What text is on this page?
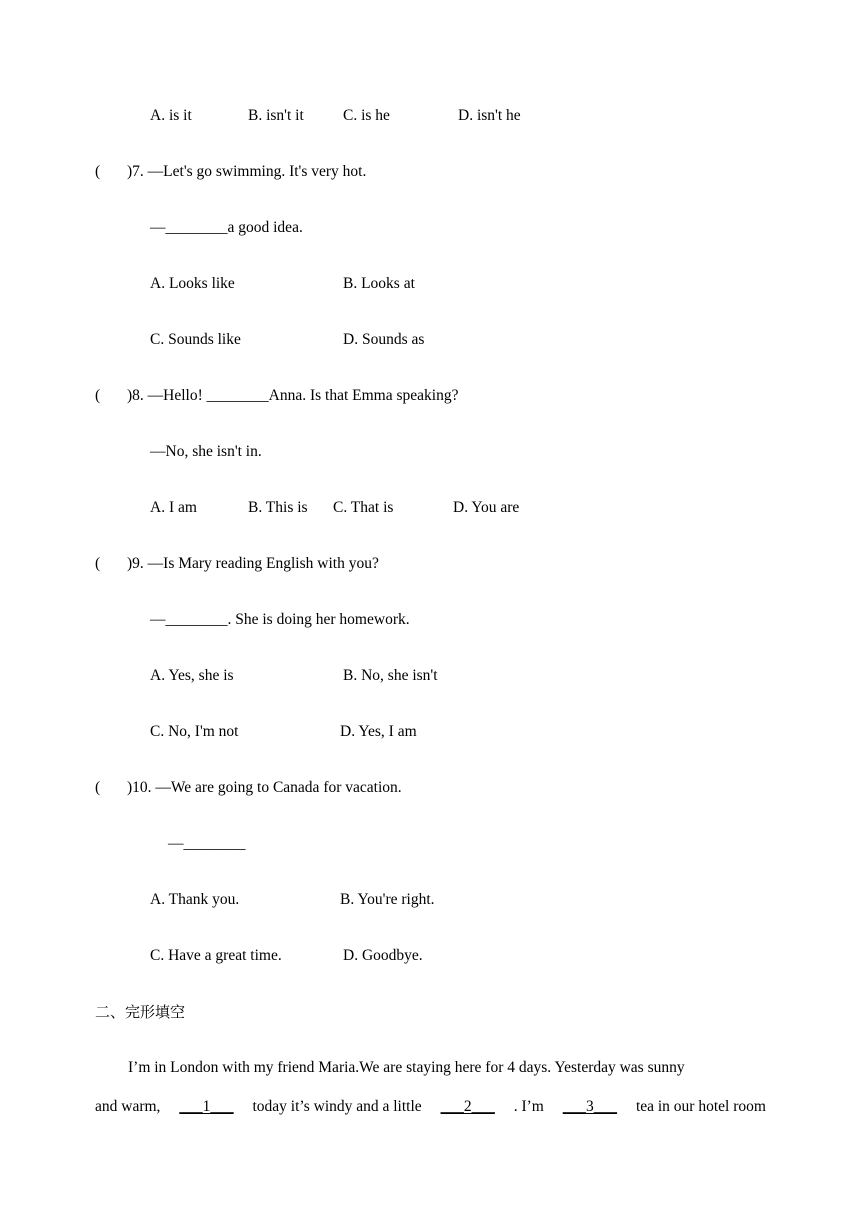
A. is it	B. isn't it	C. is he	D. isn't he
( )7. —Let's go swimming. It's very hot.
—________a good idea.
A. Looks like	B. Looks at
C. Sounds like	D. Sounds as
( )8. —Hello! ________Anna. Is that Emma speaking?
—No, she isn't in.
A. I am	B. This is C. That is	D. You are
( )9. —Is Mary reading English with you?
—________. She is doing her homework.
A. Yes, she is	B. No, she isn't
C. No, I'm not	D. Yes, I am
( )10. —We are going to Canada for vacation.
—________
A. Thank you.	B. You're right.
C. Have a great time.	D. Goodbye.
二、完形填空
I’m in London with my friend Maria.We are staying here for 4 days. Yesterday was sunny
and warm, ___1___ today it’s windy and a little ___2___ . I’m ___3___ tea in our hotel room
